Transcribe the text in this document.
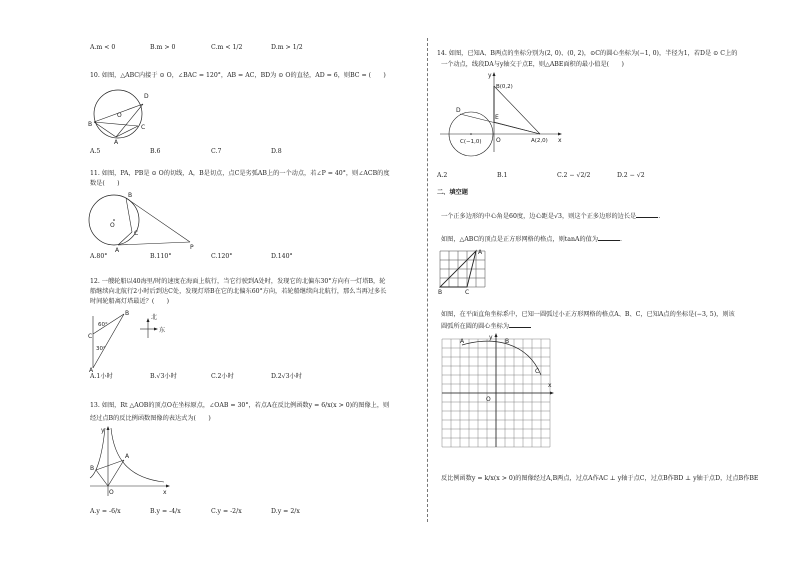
A.m < 0	B.m > 0	C.m < 1/2	D.m > 1/2
10. 如图，△ABC内接于 ⊙ O，∠BAC = 120°，AB = AC，BD为 ⊙ O的直径，AD = 6，则BC = (　　)
D
O
B	C
A
A.5	B.6	C.7	D.8
11. 如图，PA，PB是 ⊙ O的切线，A，B是切点，点C是劣弧AB上的一个动点，若∠P = 40°，则∠ACB的度
数是(　　)
B
O
C
A	P
A.80°	B.110°	C.120°	D.140°
12. 一艘轮船以40海里/时的速度在海面上航行，当它行驶到A处时，发现它的北偏东30°方向有一灯塔B，轮
船继续向北航行2小时后到达C处，发现灯塔B在它的北偏东60°方向，若轮船继续向北航行，那么当再过多长
时间轮船离灯塔最近？(　　)
B
60°
C
30°
A
北
东
A.1小时	B.√3小时	C.2小时	D.2√3小时
13. 如图，Rt △AOB的顶点O在坐标原点，∠OAB = 30°，若点A在反比例函数y = 6/x(x > 0)的图像上，则
经过点B的反比例函数图像的表达式为(　　)
y
A
B
O	x
A.y = -6/x	B.y = -4/x	C.y = -2/x	D.y = 2/x
14. 如图，已知A、B两点的坐标分别为(2, 0)、(0, 2)，⊙C的圆心坐标为(−1, 0)，半径为1，若D是 ⊙ C上的
一个动点，线段DA与y轴交于点E，则△ABE面积的最小值是(　　)
y
B(0,2)
D
E
C(−1,0) O	A(2,0) x
A.2	B.1	C.2 − √2/2	D.2 − √2
二、填空题
一个正多边形的中心角是60度，边心距是√3，则这个正多边形的边长是	.
如图，△ABC的顶点是正方形网格的格点，则tanA的值为	.
A
B	C
如图，在平面直角坐标系中，已知一圆弧过小正方形网格的格点A、B、C，已知A点的坐标是(−3, 5)，则该
圆弧所在圆的圆心坐标为
A	B
C
y
x
O
反比例函数y = k/x(x > 0)的图像经过A,B两点，过点A作AC ⊥ y轴于点C，过点B作BD ⊥ y轴于点D，过点B作BE
